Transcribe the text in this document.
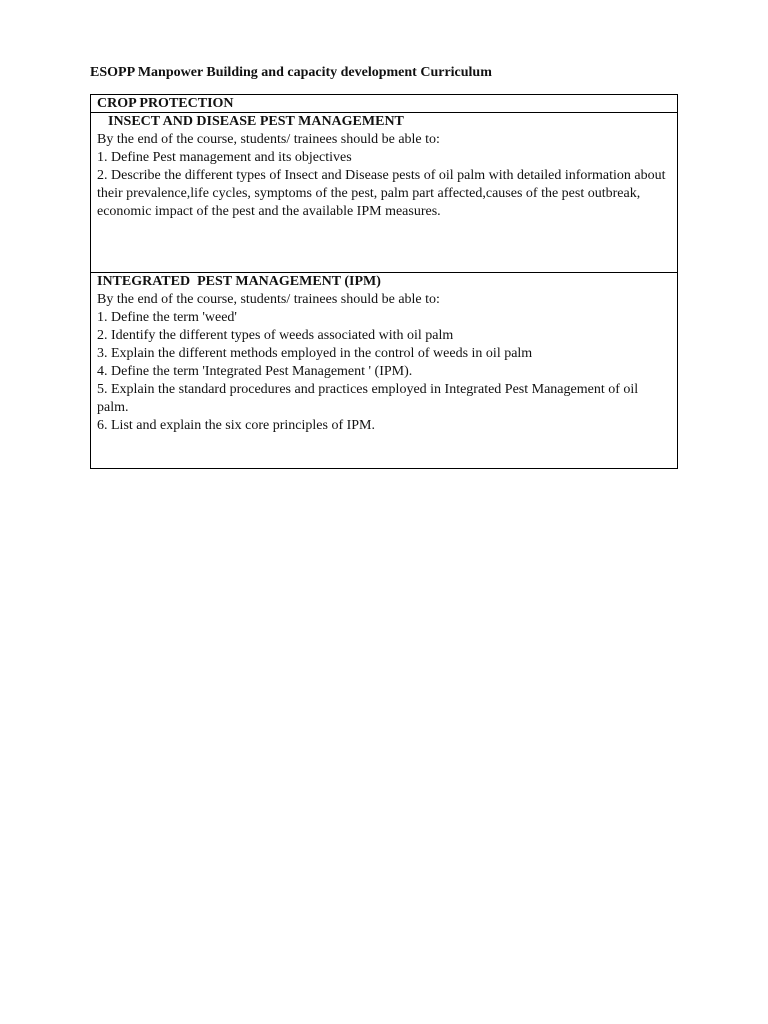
ESOPP Manpower Building and capacity development Curriculum
CROP PROTECTION

INSECT AND DISEASE PEST MANAGEMENT
By the end of the course, students/ trainees should be able to:
1. Define Pest management and its objectives
2. Describe the different types of Insect and Disease pests of oil palm with detailed information about their prevalence,life cycles, symptoms of the pest, palm part affected,causes of the pest outbreak, economic impact of the pest and the available IPM measures.

INTEGRATED  PEST MANAGEMENT (IPM)
By the end of the course, students/ trainees should be able to:
1. Define the term 'weed'
2. Identify the different types of weeds associated with oil palm
3. Explain the different methods employed in the control of weeds in oil palm
4. Define the term 'Integrated Pest Management ' (IPM).
5. Explain the standard procedures and practices employed in Integrated Pest Management of oil palm.
6. List and explain the six core principles of IPM.
